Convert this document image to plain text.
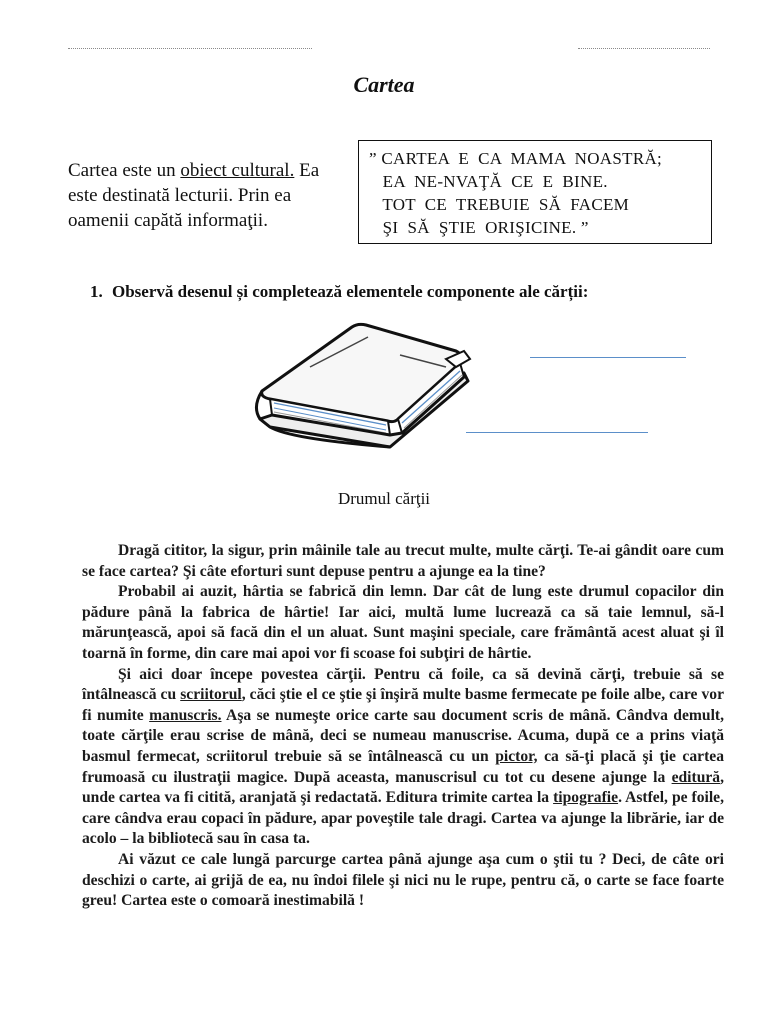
Cartea
Cartea este un obiect cultural. Ea este destinată lecturii. Prin ea oamenii capătă informaţii.
” CARTEA  E  CA  MAMA  NOASTRĂ;
EA  NE-NVAŢĂ  CE  E  BINE.
TOT  CE  TREBUIE  SĂ  FACEM
ŞI  SĂ  ŞTIE  ORIŞICINE. ”
1. Observă desenul și completează elementele componente ale cărții:
Drumul cărţii

Dragă cititor, la sigur, prin mâinile tale au trecut multe, multe cărţi. Te-ai gândit oare cum se face cartea? Şi câte eforturi sunt depuse pentru a ajunge ea la tine?

Probabil ai auzit, hârtia se fabrică din lemn. Dar cât de lung este drumul copacilor din pădure până la fabrica de hârtie! Iar aici, multă lume lucrează ca să taie lemnul, să-l mărunţească, apoi să facă din el un aluat. Sunt maşini speciale, care frământă acest aluat şi îl toarnă în forme, din care mai apoi vor fi scoase foi subţiri de hârtie.

Şi aici doar începe povestea cărţii. Pentru că foile, ca să devină cărţi, trebuie să se întâlnească cu scriitorul, căci ştie el ce ştie şi înşiră multe basme fermecate pe foile albe, care vor fi numite manuscris. Aşa se numeşte orice carte sau document scris de mână. Cândva demult, toate cărţile erau scrise de mână, deci se numeau manuscrise. Acuma, după ce a prins viaţă basmul fermecat, scriitorul trebuie să se întâlnească cu un pictor, ca să-ţi placă şi ţie cartea frumoasă cu ilustraţii magice. După aceasta, manuscrisul cu tot cu desene ajunge la editură, unde cartea va fi citită, aranjată şi redactată. Editura trimite cartea la tipografie. Astfel, pe foile, care cândva erau copaci în pădure, apar poveştile tale dragi. Cartea va ajunge la librărie, iar de acolo – la bibliotecă sau în casa ta.

Ai văzut ce cale lungă parcurge cartea până ajunge aşa cum o ştii tu ? Deci, de câte ori deschizi o carte, ai grijă de ea, nu îndoi filele şi nici nu le rupe, pentru că, o carte se face foarte greu! Cartea este o comoară inestimabilă !
